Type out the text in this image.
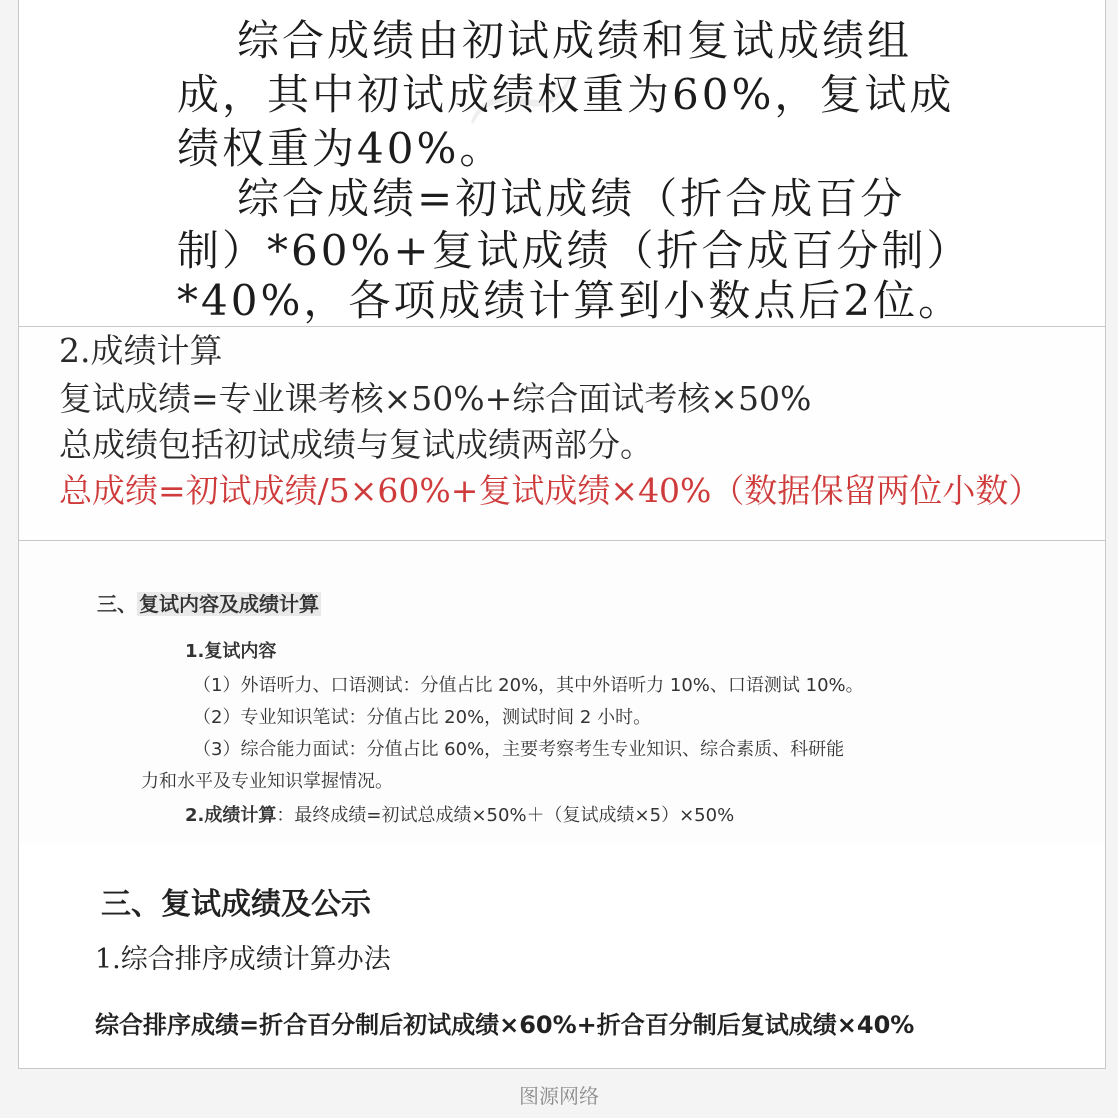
综合成绩由初试成绩和复试成绩组
成，其中初试成绩权重为60%，复试成
绩权重为40%。
综合成绩=初试成绩（折合成百分
制）*60%+复试成绩（折合成百分制）
*40%，各项成绩计算到小数点后2位。
2.成绩计算
复试成绩=专业课考核×50%+综合面试考核×50%
总成绩包括初试成绩与复试成绩两部分。
总成绩=初试成绩/5×60%+复试成绩×40%（数据保留两位小数）
三、 复试内容及成绩计算
1.复试内容
（1）外语听力、口语测试：分值占比 20%，其中外语听力 10%、口语测试 10%。
（2）专业知识笔试：分值占比 20%，测试时间 2 小时。
（3）综合能力面试：分值占比 60%，主要考察考生专业知识、综合素质、科研能
力和水平及专业知识掌握情况。
2.成绩计算：最终成绩=初试总成绩×50%＋（复试成绩×5）×50%
三、复试成绩及公示
1.综合排序成绩计算办法
综合排序成绩=折合百分制后初试成绩×60%+折合百分制后复试成绩×40%
〜
图源网络
